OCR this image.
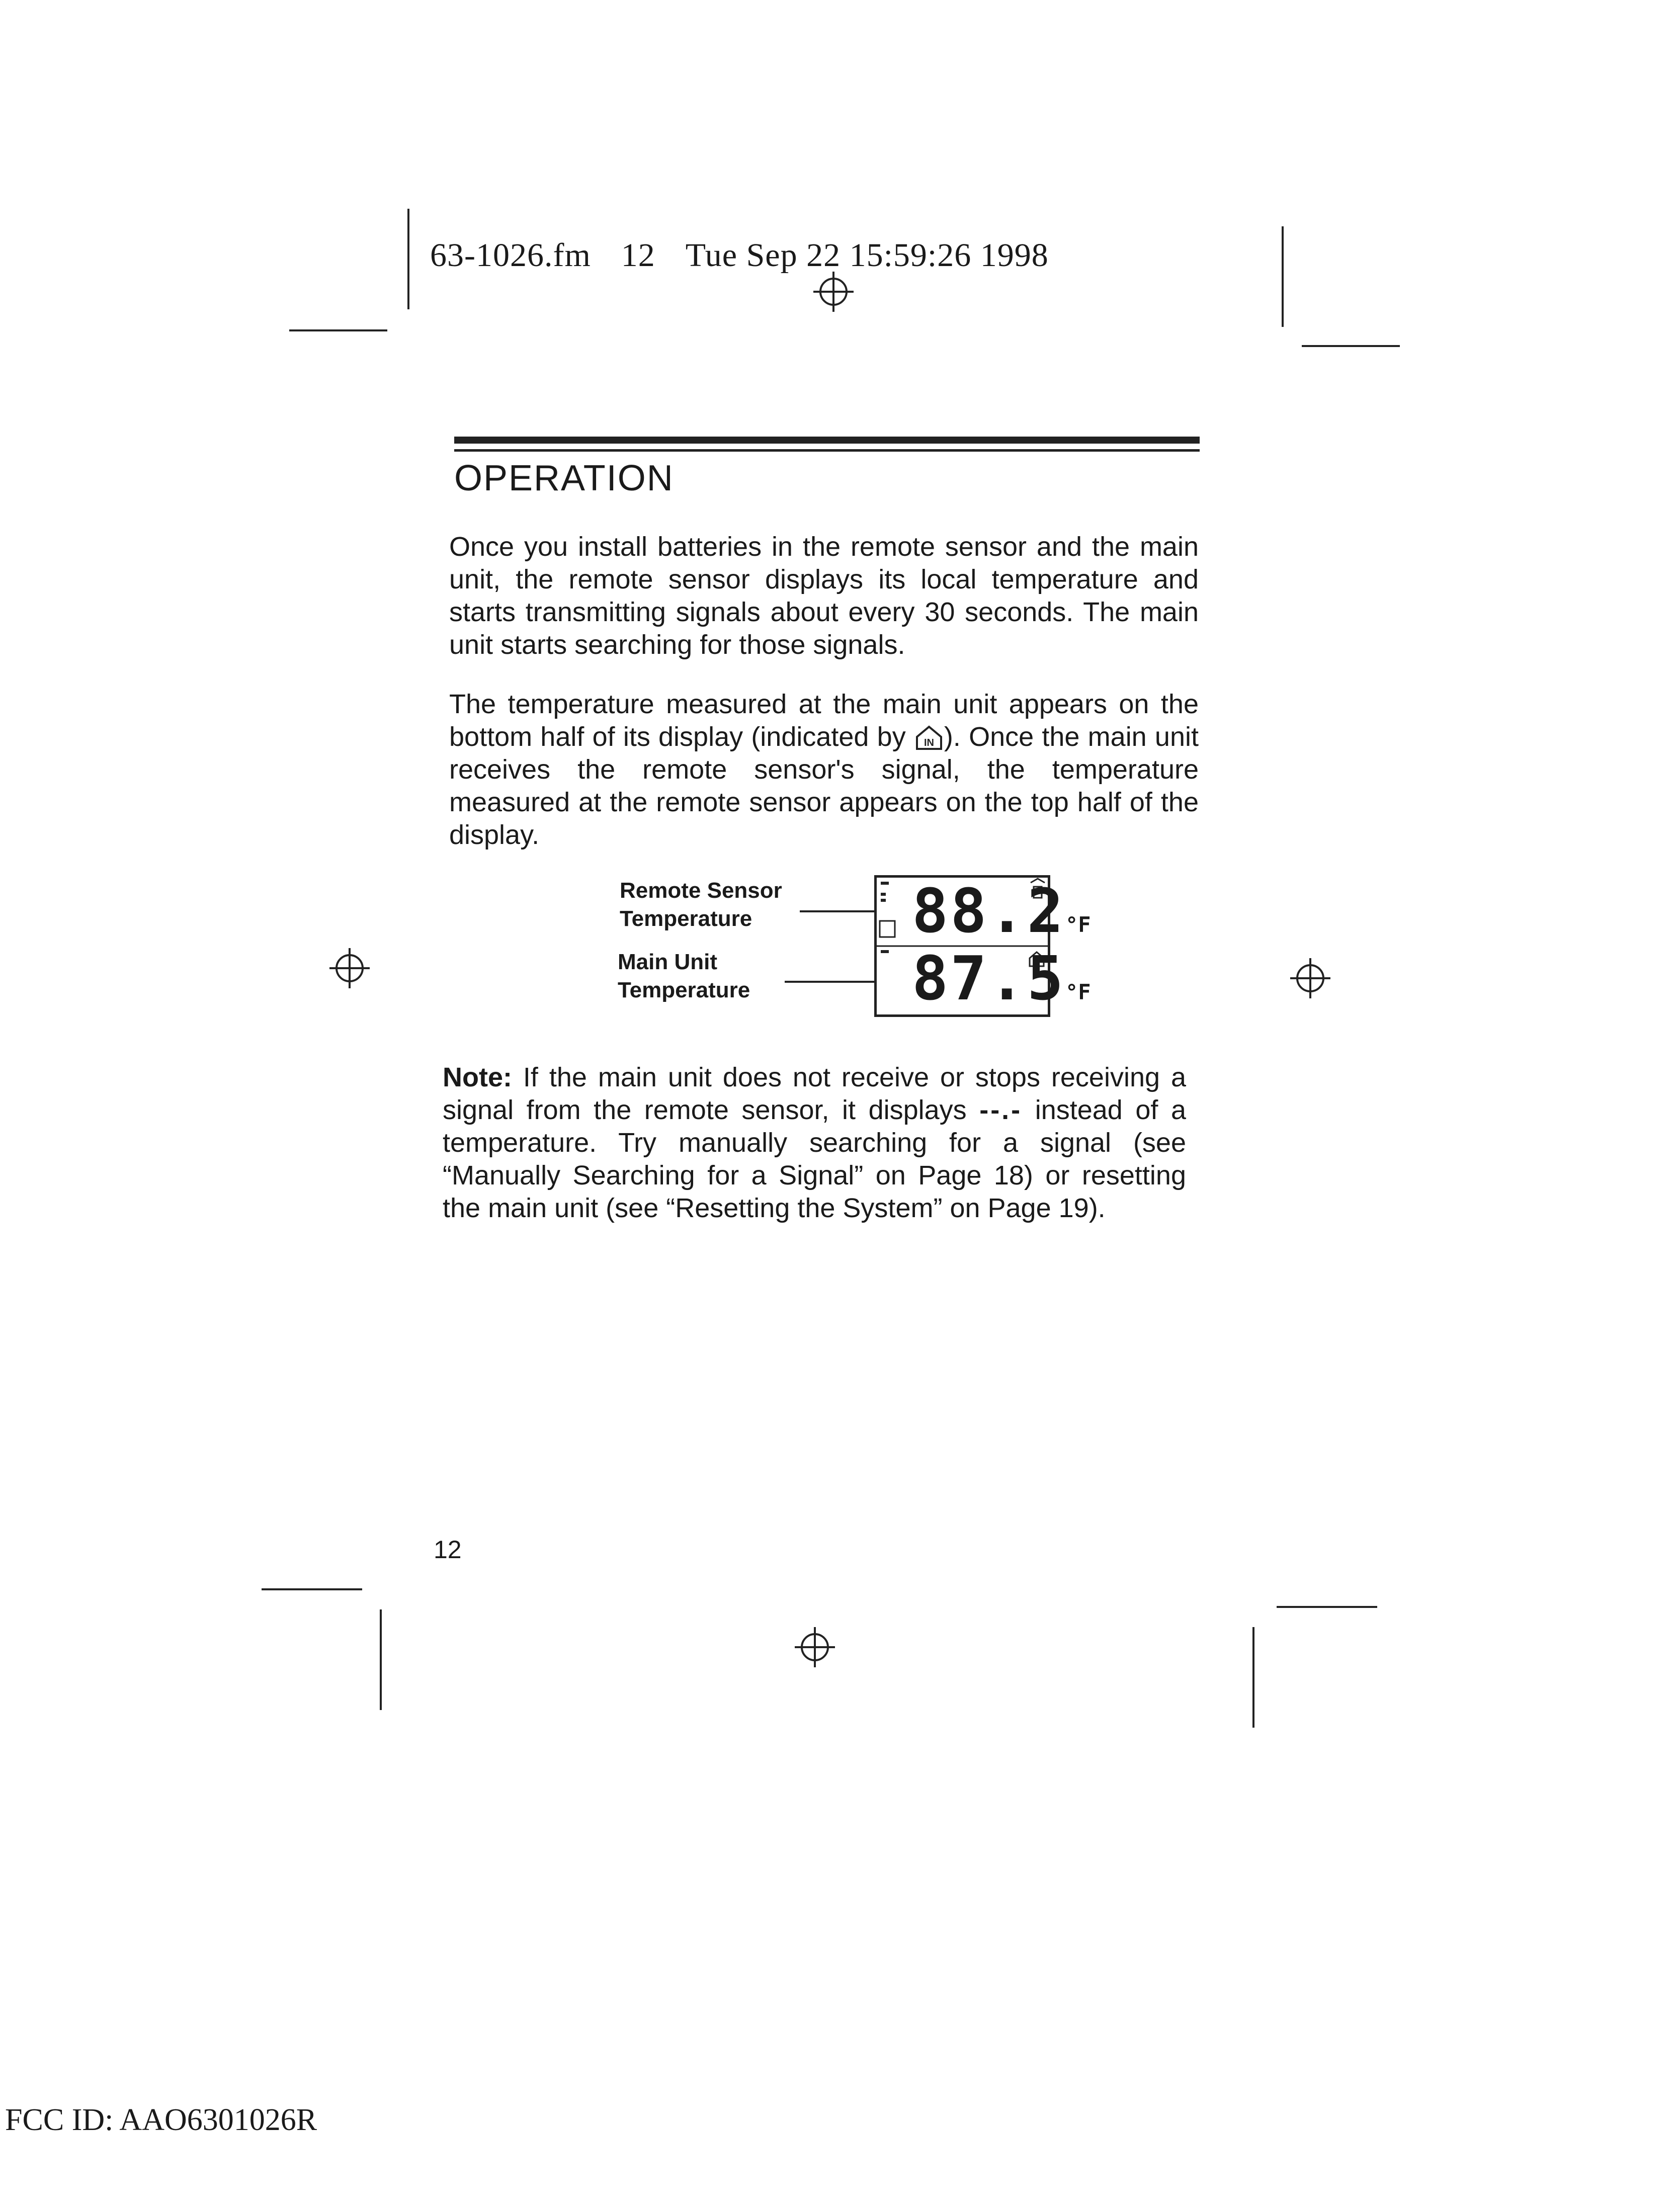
63-1026.fm 12 Tue Sep 22 15:59:26 1998
OPERATION

Once you install batteries in the remote sensor and the main unit, the remote sensor displays its local temperature and starts transmitting signals about every 30 seconds. The main unit starts searching for those signals.

The temperature measured at the main unit appears on the bottom half of its display (indicated by IN ). Once the main unit receives the remote sensor's signal, the temperature measured at the remote sensor appears on the top half of the display.

Remote Sensor
Temperature
Main Unit
Temperature
88.2°F
87.5°F

Note: If the main unit does not receive or stops receiving a signal from the remote sensor, it displays --.- instead of a temperature. Try manually searching for a signal (see “Manually Searching for a Signal” on Page 18) or resetting the main unit (see “Resetting the System” on Page 19).

12
FCC ID: AAO6301026R
